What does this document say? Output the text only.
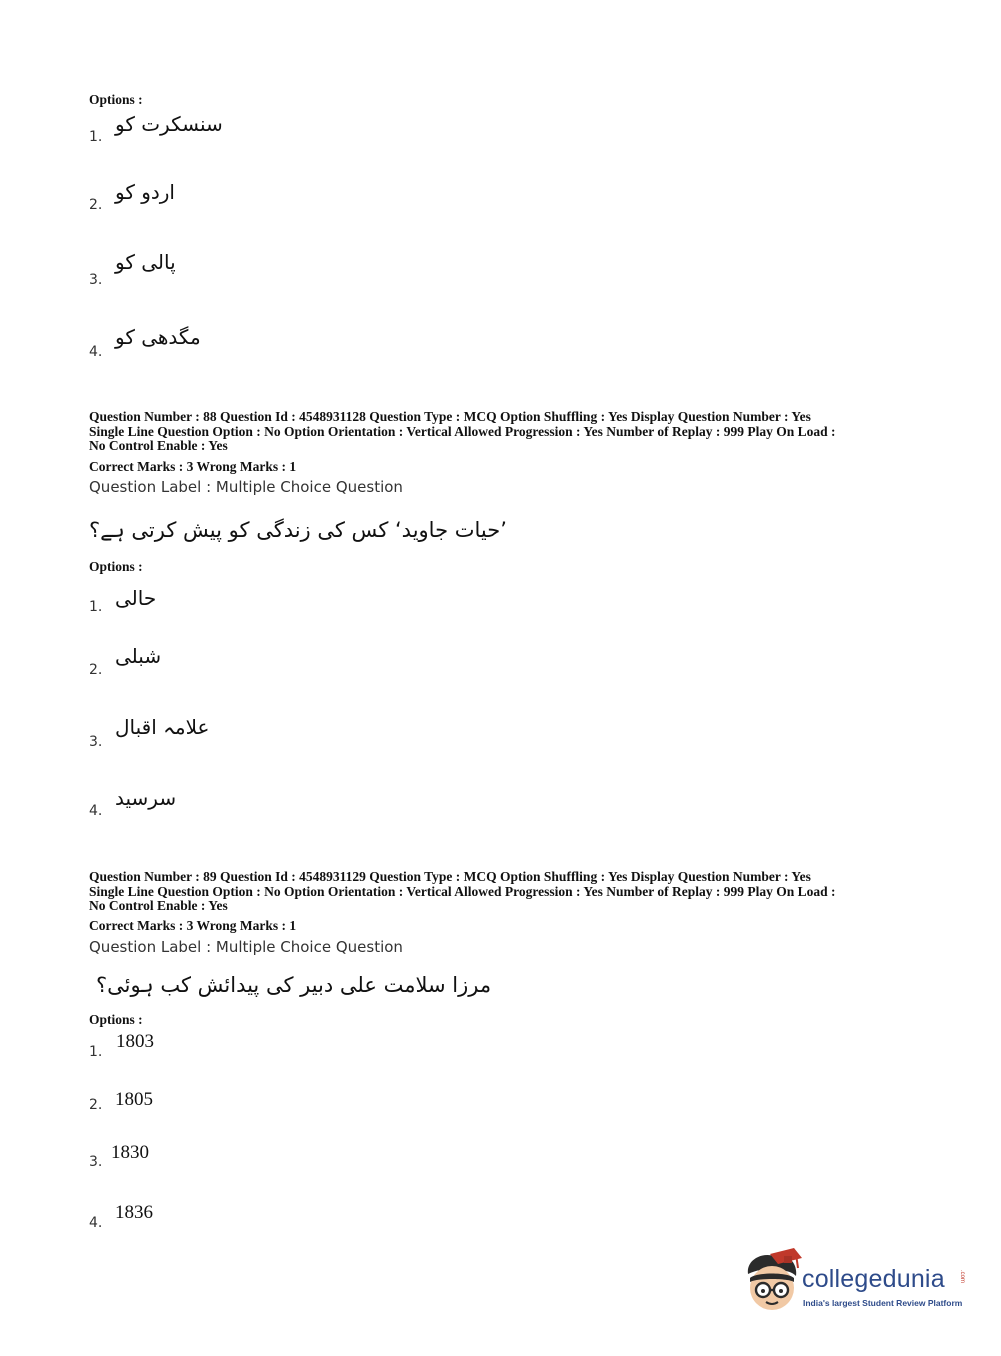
Options :
1.
سنسکرت کو
2.
اردو کو
3.
پالی کو
4.
مگدھی کو
Question Number : 88 Question Id : 4548931128 Question Type : MCQ Option Shuffling : Yes Display Question Number : Yes
Single Line Question Option : No Option Orientation : Vertical Allowed Progression : Yes Number of Replay : 999 Play On Load :
No Control Enable : Yes
Correct Marks : 3 Wrong Marks : 1
Question Label : Multiple Choice Question
’حیات جاوید‘ کس کی زندگی کو پیش کرتی ہے؟
Options :
1. حالی
2.
شبلی
3.
علامہ اقبال
4.
سرسید
Question Number : 89 Question Id : 4548931129 Question Type : MCQ Option Shuffling : Yes Display Question Number : Yes
Single Line Question Option : No Option Orientation : Vertical Allowed Progression : Yes Number of Replay : 999 Play On Load :
No Control Enable : Yes
Correct Marks : 3 Wrong Marks : 1
Question Label : Multiple Choice Question
مرزا سلامت علی دبیر کی پیدائش کب ہوئی؟
Options :
1. 1803
2. 1805
3. 1830
4. 1836
collegedunia .com
India's largest Student Review Platform
